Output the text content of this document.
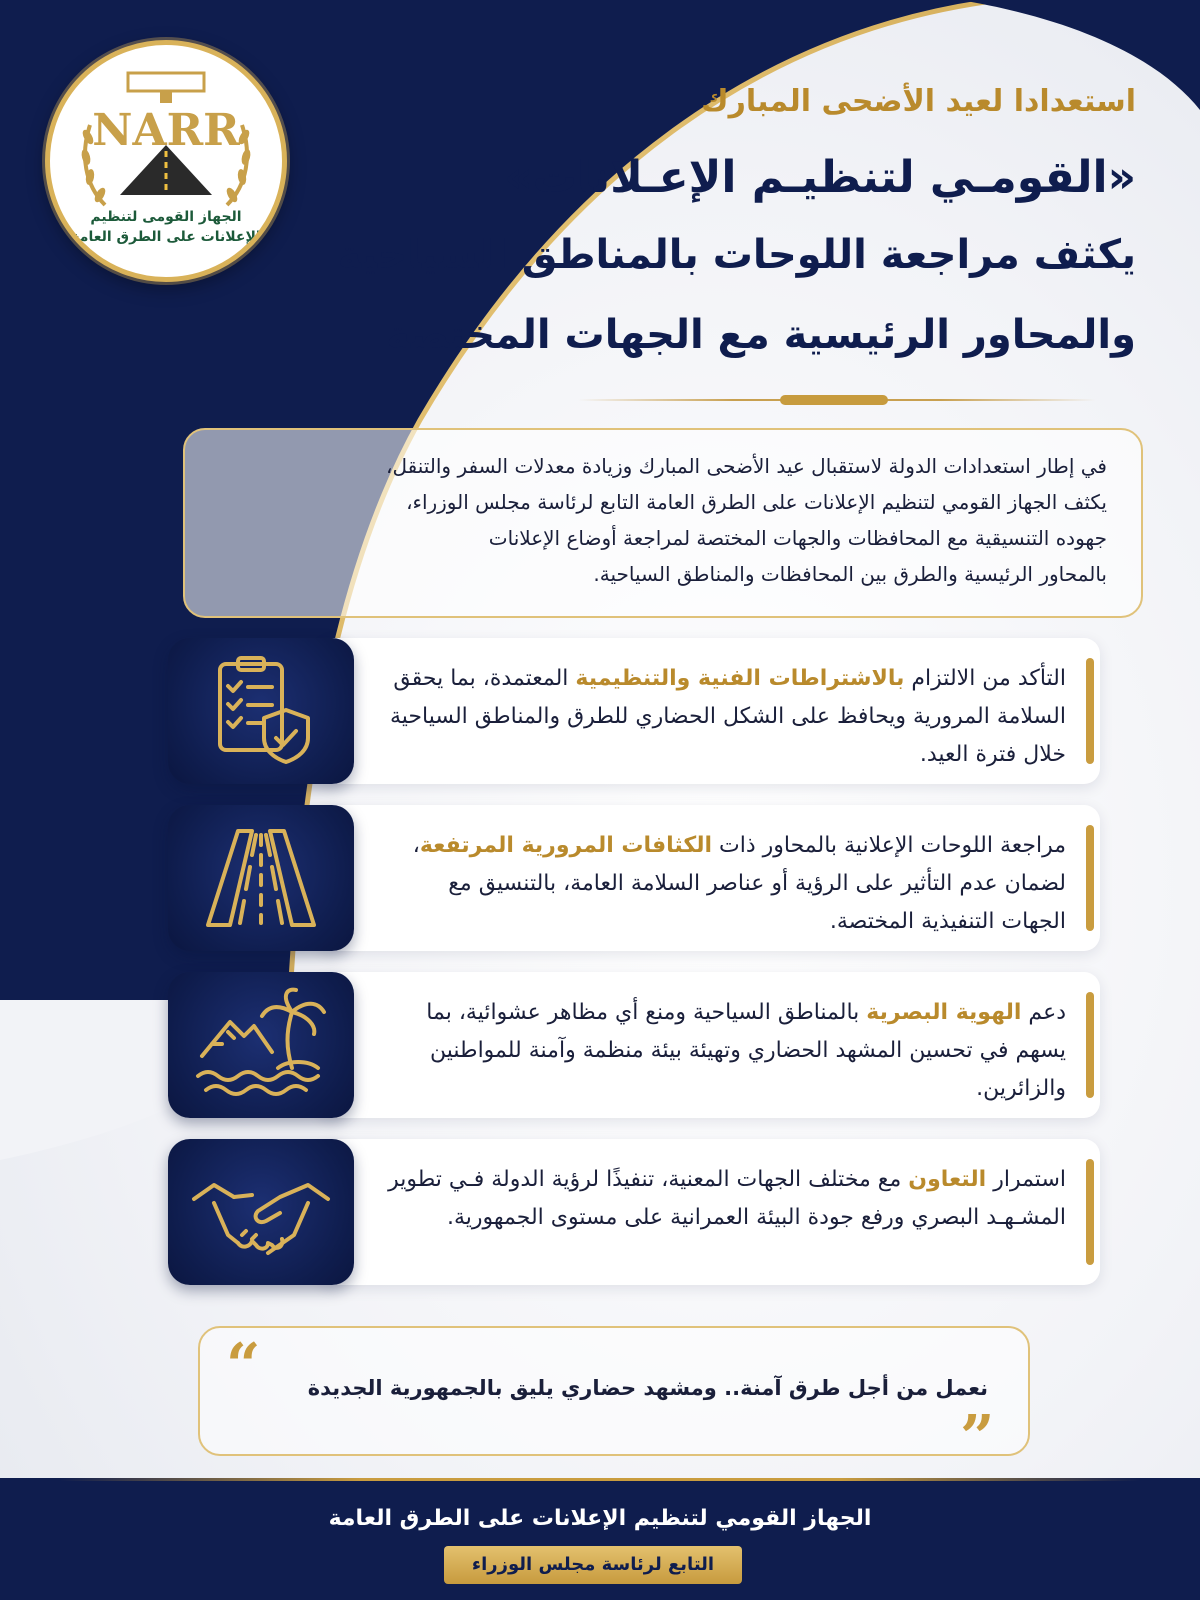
NARR
الجهاز القومى لتنظيم
الإعلانات على الطرق العامة
استعدادا لعيد الأضحى المبارك
«القومـي لتنظيـم الإعـلانات»
يكثف مراجعة اللوحات بالمناطق السياحية
والمحاور الرئيسية مع الجهات المختصة

في إطار استعدادات الدولة لاستقبال عيد الأضحى المبارك وزيادة معدلات السفر والتنقل،

يكثف الجهاز القومي لتنظيم الإعلانات على الطرق العامة التابع لرئاسة مجلس الوزراء،

جهوده التنسيقية مع المحافظات والجهات المختصة لمراجعة أوضاع الإعلانات

بالمحاور الرئيسية والطرق بين المحافظات والمناطق السياحية.

التأكد من الالتزام بالاشتراطات الفنية والتنظيمية المعتمدة، بما يحقق السلامة المرورية ويحافظ على الشكل الحضاري للطرق والمناطق السياحية خلال فترة العيد.
مراجعة اللوحات الإعلانية بالمحاور ذات الكثافات المرورية المرتفعة، لضمان عدم التأثير على الرؤية أو عناصر السلامة العامة، بالتنسيق مع الجهات التنفيذية المختصة.
دعم الهوية البصرية بالمناطق السياحية ومنع أي مظاهر عشوائية، بما يسهم في تحسين المشهد الحضاري وتهيئة بيئة منظمة وآمنة للمواطنين والزائرين.
استمرار التعاون مع مختلف الجهات المعنية، تنفيذًا لرؤية الدولة فـي تطوير المشـهـد البصري ورفع جودة البيئة العمرانية على مستوى الجمهورية.
“	نعمل من أجل طرق آمنة.. ومشهد حضاري يليق بالجمهورية الجديدة
”
الجهاز القومي لتنظيم الإعلانات على الطرق العامة
التابع لرئاسة مجلس الوزراء
